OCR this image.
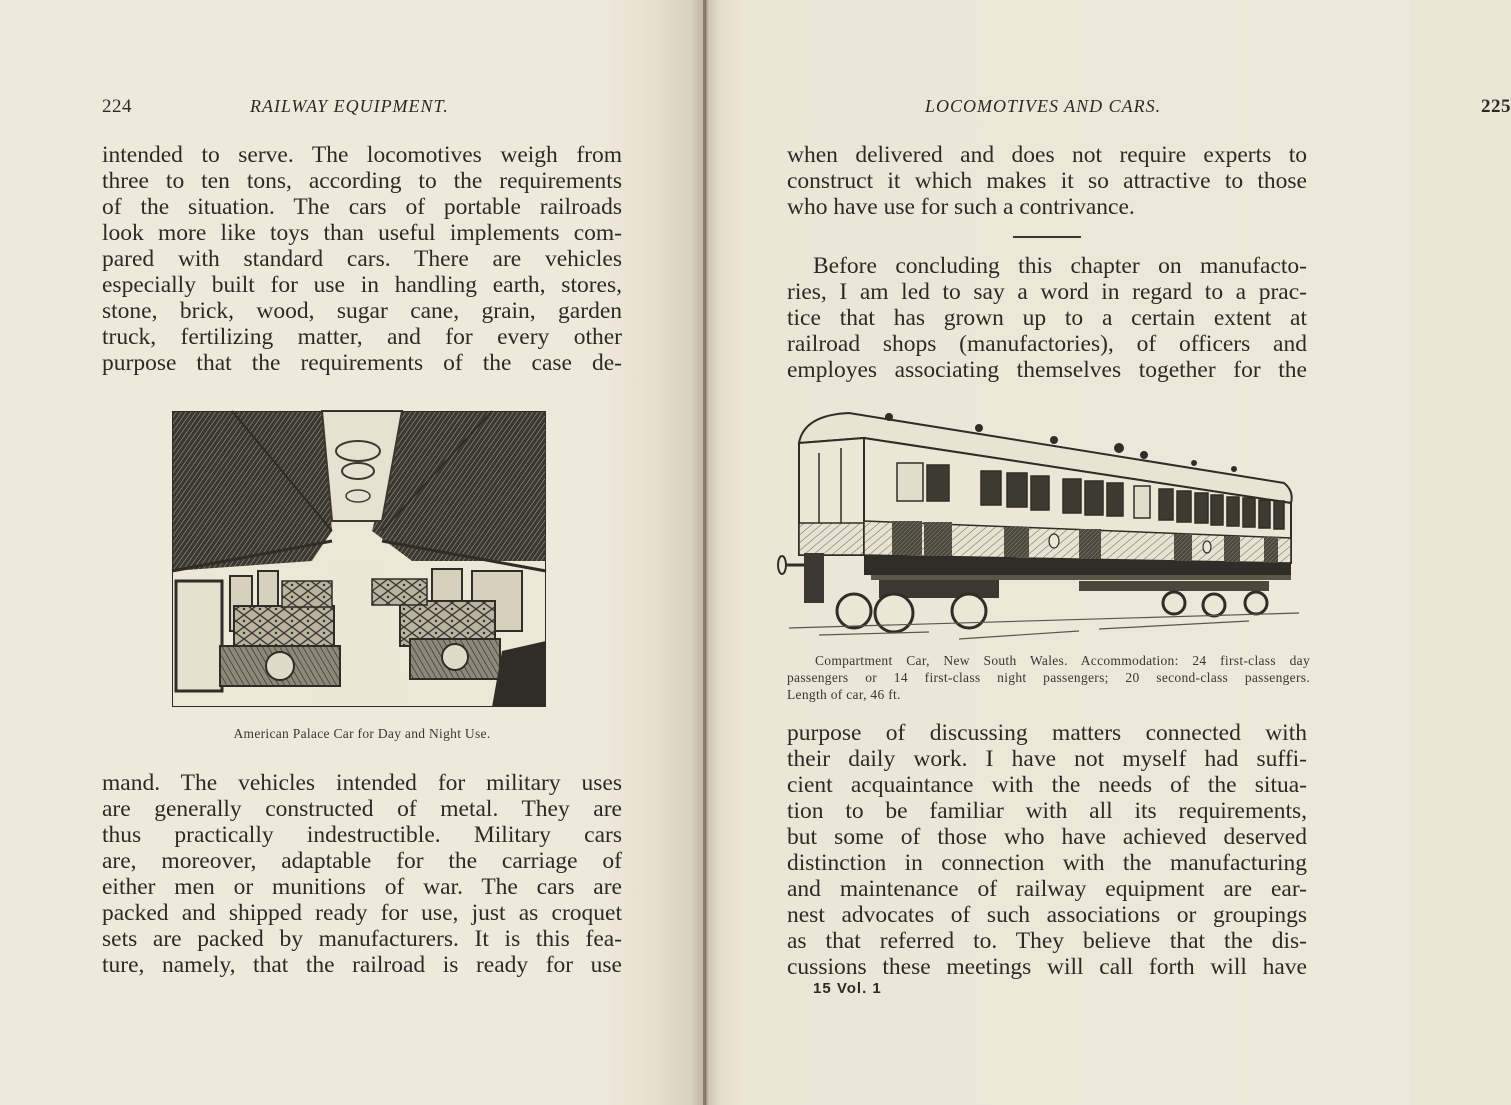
224	RAILWAY EQUIPMENT.
intended to serve. The locomotives weigh from
three to ten tons, according to the requirements
of the situation. The cars of portable railroads
look more like toys than useful implements com-
pared with standard cars. There are vehicles
especially built for use in handling earth, stores,
stone, brick, wood, sugar cane, grain, garden
truck, fertilizing matter, and for every other
purpose that the requirements of the case de-
American Palace Car for Day and Night Use.
mand. The vehicles intended for military uses
are generally constructed of metal. They are
thus practically indestructible. Military cars
are, moreover, adaptable for the carriage of
either men or munitions of war. The cars are
packed and shipped ready for use, just as croquet
sets are packed by manufacturers. It is this fea-
ture, namely, that the railroad is ready for use
LOCOMOTIVES AND CARS.	225
when delivered and does not require experts to
construct it which makes it so attractive to those
who have use for such a contrivance.
Before concluding this chapter on manufacto-
ries, I am led to say a word in regard to a prac-
tice that has grown up to a certain extent at
railroad shops (manufactories), of officers and
employes associating themselves together for the
Compartment Car, New South Wales. Accommodation: 24 first-class day
passengers or 14 first-class night passengers; 20 second-class passengers.
Length of car, 46 ft.
purpose of discussing matters connected with
their daily work. I have not myself had suffi-
cient acquaintance with the needs of the situa-
tion to be familiar with all its requirements,
but some of those who have achieved deserved
distinction in connection with the manufacturing
and maintenance of railway equipment are ear-
nest advocates of such associations or groupings
as that referred to. They believe that the dis-
cussions these meetings will call forth will have
15 Vol. 1
